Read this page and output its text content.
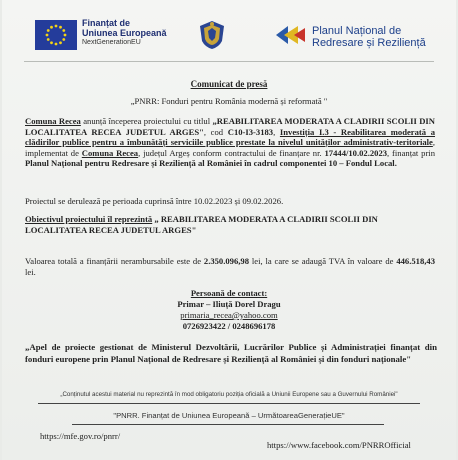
Finanțat de
Uniunea Europeană
NextGenerationEU
Planul Național de
Redresare și Reziliență
Comunicat de presă
„PNRR: Fonduri pentru România modernă și reformată "
Comuna Recea anunță începerea proiectului cu titlul „REABILITAREA MODERATA A CLADIRII SCOLII DIN LOCALITATEA RECEA JUDETUL ARGES", cod C10-I3-3183, Investiția I.3 - Reabilitarea moderată a clădirilor publice pentru a îmbunătăți serviciile publice prestate la nivelul unităților administrativ-teritoriale, implementat de Comuna Recea, județul Argeș conform contractului de finanțare nr. 17444/10.02.2023, finanțat prin Planul Național pentru Redresare și Reziliență al României în cadrul componentei 10 – Fondul Local.
Proiectul se derulează pe perioada cuprinsă între 10.02.2023 și 09.02.2026.
Obiectivul proiectului îl reprezintă „ REABILITAREA MODERATA A CLADIRII SCOLII DIN LOCALITATEA RECEA JUDETUL ARGES"
Valoarea totală a finanțării nerambursabile este de 2.350.096,98 lei, la care se adaugă TVA în valoare de 446.518,43 lei.
Persoană de contact:
Primar – Iliuță Dorel Dragu
primaria_recea@yahoo.com
0726923422 / 0248696178
„Apel de proiecte gestionat de Ministerul Dezvoltării, Lucrărilor Publice și Administrației finanțat din fonduri europene prin Planul Național de Redresare și Reziliență al României și din fonduri naționale"
„Conținutul acestui material nu reprezintă în mod obligatoriu poziția oficială a Uniunii Europene sau a Guvernului României"
"PNRR. Finanțat de Uniunea Europeană – UrmătoareaGenerațieUE"
https://mfe.gov.ro/pnrr/
https://www.facebook.com/PNRROfficial
